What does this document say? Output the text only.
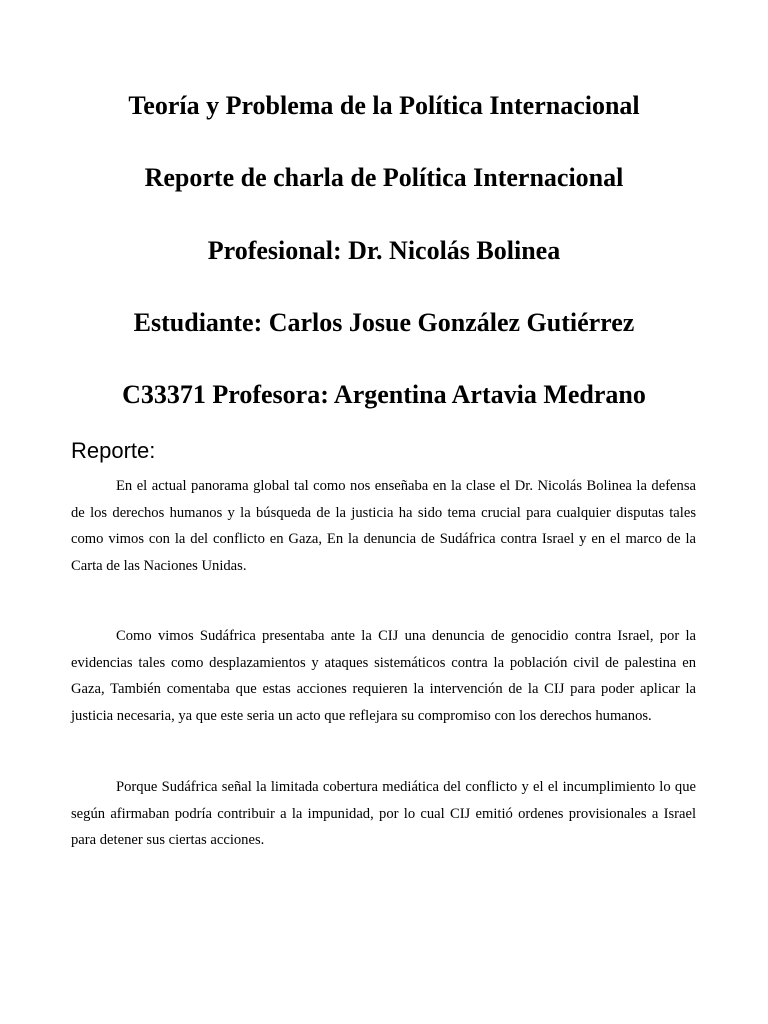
Teoría y Problema de la Política Internacional
Reporte de charla de Política Internacional
Profesional: Dr. Nicolás Bolinea
Estudiante: Carlos Josue González Gutiérrez
C33371 Profesora: Argentina Artavia Medrano
Reporte:

En el actual panorama global tal como nos enseñaba en la clase el Dr. Nicolás Bolinea la defensa de los derechos humanos y la búsqueda de la justicia ha sido tema crucial para cualquier disputas tales como vimos con la del conflicto en Gaza, En la denuncia de Sudáfrica contra Israel y en el marco de la Carta de las Naciones Unidas.

Como vimos Sudáfrica presentaba ante la CIJ una denuncia de genocidio contra Israel, por la evidencias tales como desplazamientos y ataques sistemáticos contra la población civil de palestina en Gaza, También comentaba que estas acciones requieren la intervención de la CIJ para poder aplicar la justicia necesaria, ya que este seria un acto que reflejara su compromiso con los derechos humanos.

Porque Sudáfrica señal la limitada cobertura mediática del conflicto y el el incumplimiento lo que según afirmaban podría contribuir a la impunidad, por lo cual CIJ emitió ordenes provisionales a Israel para detener sus ciertas acciones.
